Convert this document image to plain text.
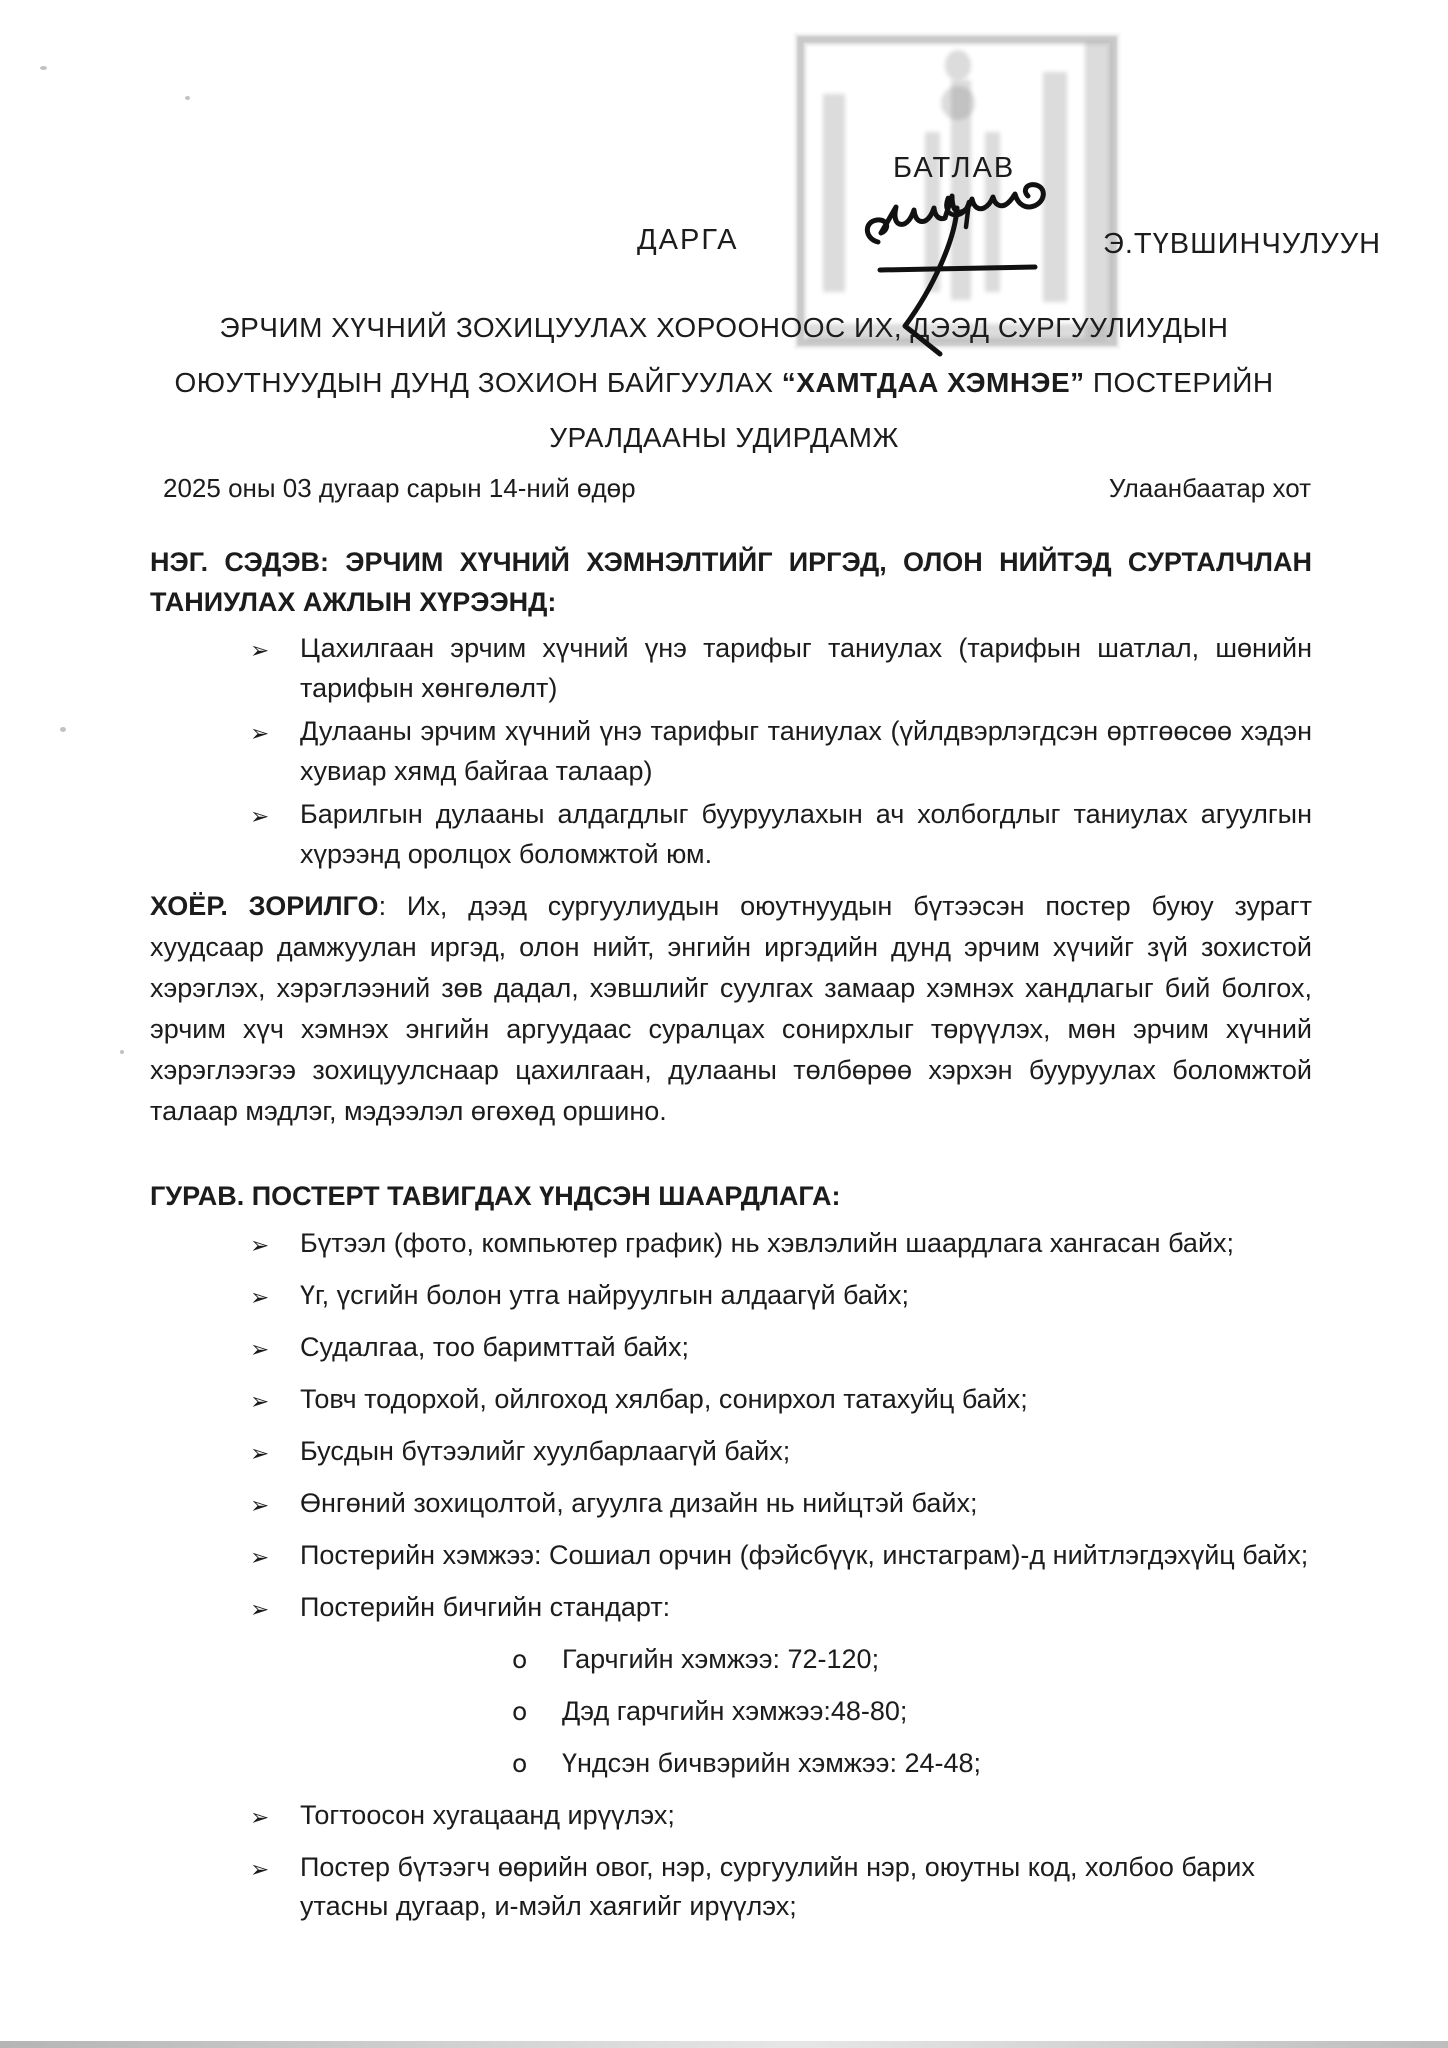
БАТЛАВ
ДАРГА	Э.ТҮВШИНЧУЛУУН
ЭРЧИМ ХҮЧНИЙ ЗОХИЦУУЛАХ ХОРООНООС ИХ, ДЭЭД СУРГУУЛИУДЫН
ОЮУТНУУДЫН ДУНД ЗОХИОН БАЙГУУЛАХ “ХАМТДАА ХЭМНЭЕ” ПОСТЕРИЙН
УРАЛДААНЫ УДИРДАМЖ
2025 оны 03 дугаар сарын 14-ний өдөр	Улаанбаатар хот
НЭГ. СЭДЭВ: ЭРЧИМ ХҮЧНИЙ ХЭМНЭЛТИЙГ ИРГЭД, ОЛОН НИЙТЭД СУРТАЛЧЛАН ТАНИУЛАХ АЖЛЫН ХҮРЭЭНД:
➢ Цахилгаан эрчим хүчний үнэ тарифыг таниулах (тарифын шатлал, шөнийн тарифын хөнгөлөлт)
➢ Дулааны эрчим хүчний үнэ тарифыг таниулах (үйлдвэрлэгдсэн өртгөөсөө хэдэн хувиар хямд байгаа талаар)
➢ Барилгын дулааны алдагдлыг бууруулахын ач холбогдлыг таниулах агуулгын хүрээнд оролцох боломжтой юм.
ХОЁР. ЗОРИЛГО: Их, дээд сургуулиудын оюутнуудын бүтээсэн постер буюу зурагт хуудсаар дамжуулан иргэд, олон нийт, энгийн иргэдийн дунд эрчим хүчийг зүй зохистой хэрэглэх, хэрэглээний зөв дадал, хэвшлийг суулгах замаар хэмнэх хандлагыг бий болгох, эрчим хүч хэмнэх энгийн аргуудаас суралцах сонирхлыг төрүүлэх, мөн эрчим хүчний хэрэглээгээ зохицуулснаар цахилгаан, дулааны төлбөрөө хэрхэн бууруулах боломжтой талаар мэдлэг, мэдээлэл өгөхөд оршино.
ГУРАВ. ПОСТЕРТ ТАВИГДАХ ҮНДСЭН ШААРДЛАГА:
➢ Бүтээл (фото, компьютер график) нь хэвлэлийн шаардлага хангасан байх;
➢ Үг, үсгийн болон утга найруулгын алдаагүй байх;
➢ Судалгаа, тоо баримттай байх;
➢ Товч тодорхой, ойлгоход хялбар, сонирхол татахуйц байх;
➢ Бусдын бүтээлийг хуулбарлаагүй байх;
➢ Өнгөний зохицолтой, агуулга дизайн нь нийцтэй байх;
➢ Постерийн хэмжээ: Сошиал орчин (фэйсбүүк, инстаграм)-д нийтлэгдэхүйц байх;
➢ Постерийн бичгийн стандарт:
o Гарчгийн хэмжээ: 72-120;
o Дэд гарчгийн хэмжээ:48-80;
o Үндсэн бичвэрийн хэмжээ: 24-48;
➢ Тогтоосон хугацаанд ирүүлэх;
➢ Постер бүтээгч өөрийн овог, нэр, сургуулийн нэр, оюутны код, холбоо барих утасны дугаар, и-мэйл хаягийг ирүүлэх;
